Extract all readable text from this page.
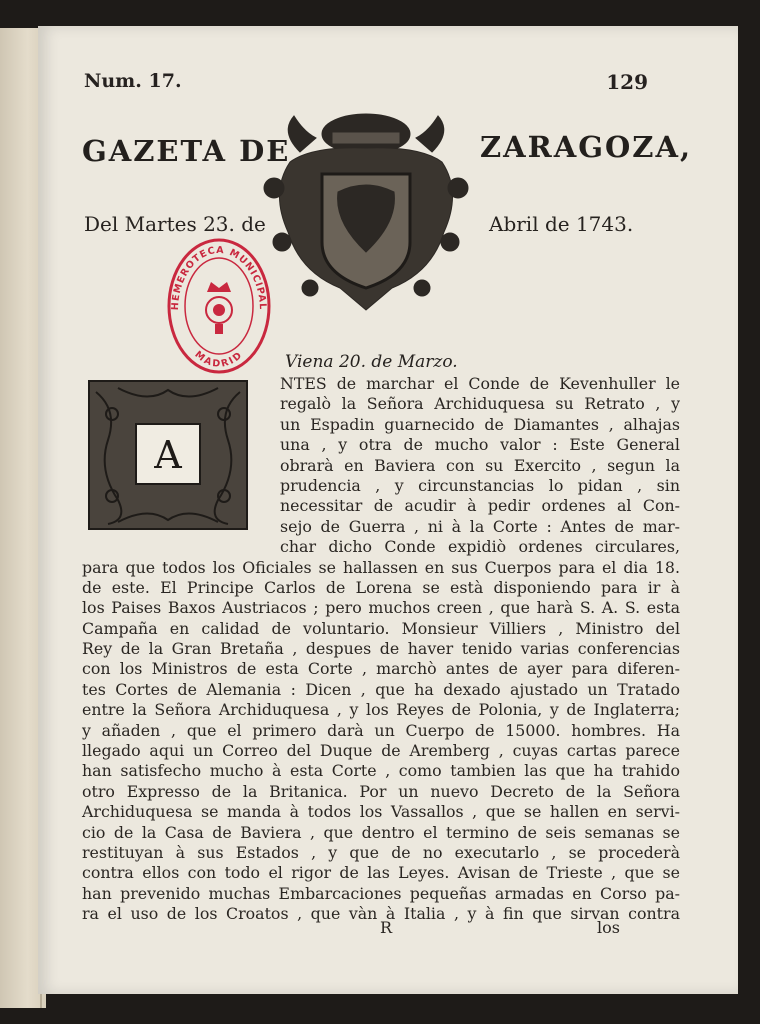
Num. 17.	129
GAZETA DE	ZARAGOZA,
Del Martes 23. de	Abril de 1743.
HEMEROTECA MUNICIPAL
MADRID Viena 20. de Marzo.
A
NTES de marchar el Conde de Kevenhuller le
regalò la Señora Archiduquesa su Retrato , y
un Espadin guarnecido de Diamantes , alhajas
una , y otra de mucho valor : Este General
obrarà en Baviera con su Exercito , segun la
prudencia , y circunstancias lo pidan , sin
necessitar de acudir à pedir ordenes al Con-
sejo de Guerra , ni à la Corte : Antes de mar-
char dicho Conde expidiò ordenes circulares,
para que todos los Oficiales se hallassen en sus Cuerpos para el dia 18.
de este. El Principe Carlos de Lorena se està disponiendo para ir à
los Paises Baxos Austriacos ; pero muchos creen , que harà S. A. S. esta
Campaña en calidad de voluntario. Monsieur Villiers , Ministro del
Rey de la Gran Bretaña , despues de haver tenido varias conferencias
con los Ministros de esta Corte , marchò antes de ayer para diferen-
tes Cortes de Alemania : Dicen , que ha dexado ajustado un Tratado
entre la Señora Archiduquesa , y los Reyes de Polonia, y de Inglaterra;
y añaden , que el primero darà un Cuerpo de 15000. hombres. Ha
llegado aqui un Correo del Duque de Aremberg , cuyas cartas parece
han satisfecho mucho à esta Corte , como tambien las que ha trahido
otro Expresso de la Britanica. Por un nuevo Decreto de la Señora
Archiduquesa se manda à todos los Vassallos , que se hallen en servi-
cio de la Casa de Baviera , que dentro el termino de seis semanas se
restituyan à sus Estados , y que de no executarlo , se procederà
contra ellos con todo el rigor de las Leyes. Avisan de Trieste , que se
han prevenido muchas Embarcaciones pequeñas armadas en Corso pa-
ra el uso de los Croatos , que vàn à Italia , y à fin que sirvan contra
R	los
